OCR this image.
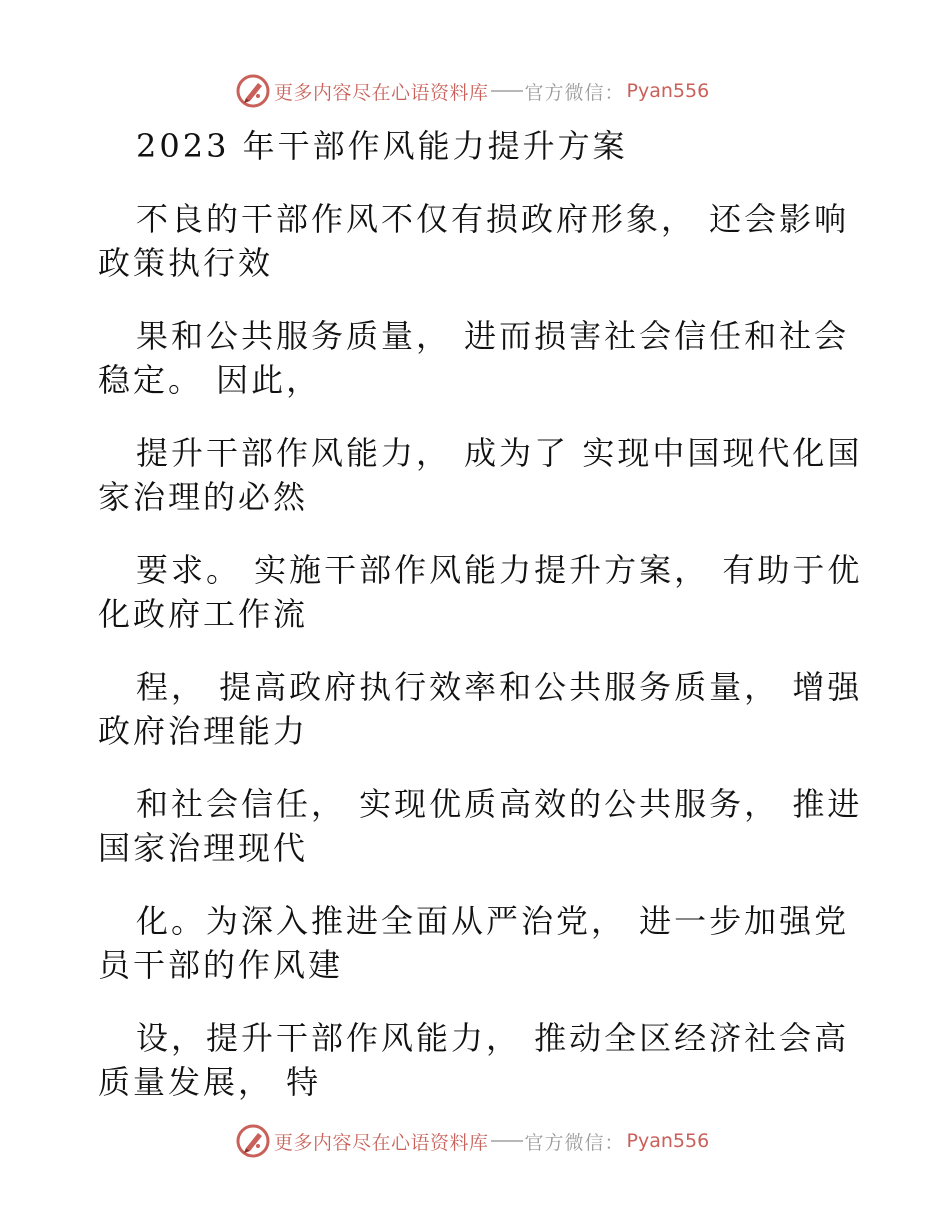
更多内容尽在心语资料库 官方微信： Pyan556
2023 年干部作风能力提升方案
不良的干部作风不仅有损政府形象， 还会影响
政策执行效
果和公共服务质量， 进而损害社会信任和社会
稳定。 因此，
提升干部作风能力， 成为了 实现中国现代化国
家治理的必然
要求。 实施干部作风能力提升方案， 有助于优
化政府工作流
程， 提高政府执行效率和公共服务质量， 增强
政府治理能力
和社会信任， 实现优质高效的公共服务， 推进
国家治理现代
化。为深入推进全面从严治党， 进一步加强党
员干部的作风建
设，提升干部作风能力， 推动全区经济社会高
质量发展， 特
更多内容尽在心语资料库 官方微信： Pyan556
